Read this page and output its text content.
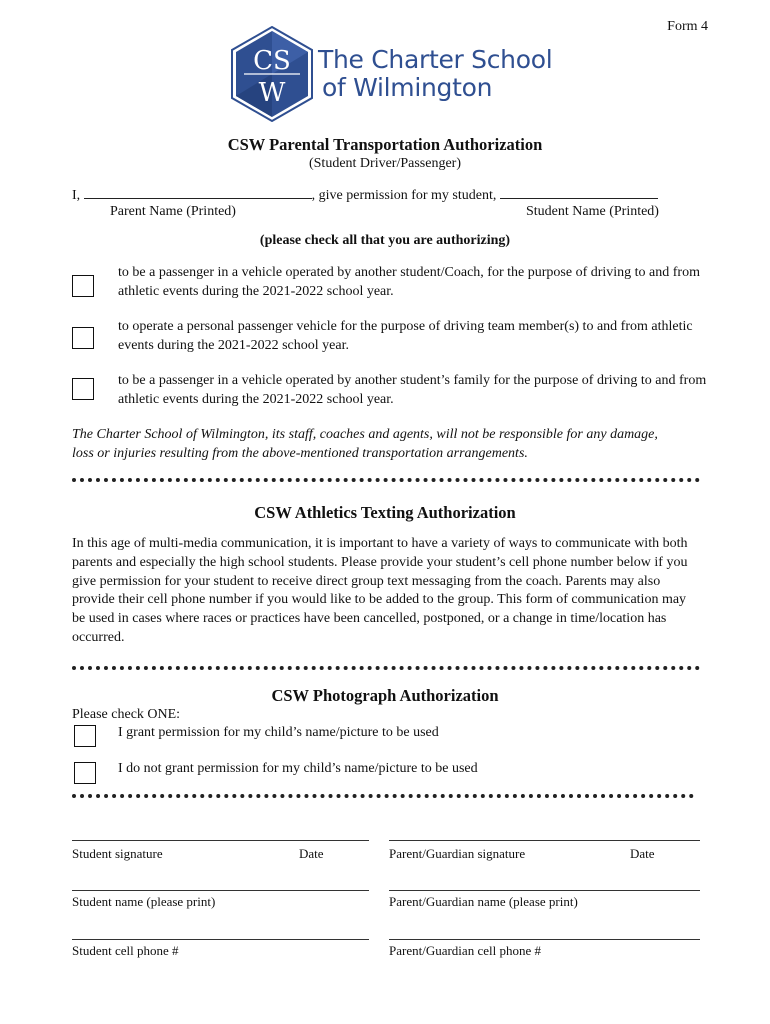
Form 4
CS
W
The Charter School
of Wilmington
CSW Parental Transportation Authorization
(Student Driver/Passenger)
I,	, give permission for my student,
Parent Name (Printed)	Student Name (Printed)
(please check all that you are authorizing)
to be a passenger in a vehicle operated by another student/Coach, for the purpose of driving to and from athletic events during the 2021-2022 school year.
to operate a personal passenger vehicle for the purpose of driving team member(s) to and from athletic events during the 2021-2022 school year.
to be a passenger in a vehicle operated by another student’s family for the purpose of driving to and from athletic events during the 2021-2022 school year.
The Charter School of Wilmington, its staff, coaches and agents, will not be responsible for any damage, loss or injuries resulting from the above-mentioned transportation arrangements.
CSW Athletics Texting Authorization
In this age of multi-media communication, it is important to have a variety of ways to communicate with both parents and especially the high school students. Please provide your student’s cell phone number below if you give permission for your student to receive direct group text messaging from the coach. Parents may also provide their cell phone number if you would like to be added to the group. This form of communication may be used in cases where races or practices have been cancelled, postponed, or a change in time/location has occurred.
CSW Photograph Authorization
Please check ONE:
I grant permission for my child’s name/picture to be used
I do not grant permission for my child’s name/picture to be used
Student signature	Date	Parent/Guardian signature	Date
Student name (please print)	Parent/Guardian name (please print)
Student cell phone #	Parent/Guardian cell phone #
